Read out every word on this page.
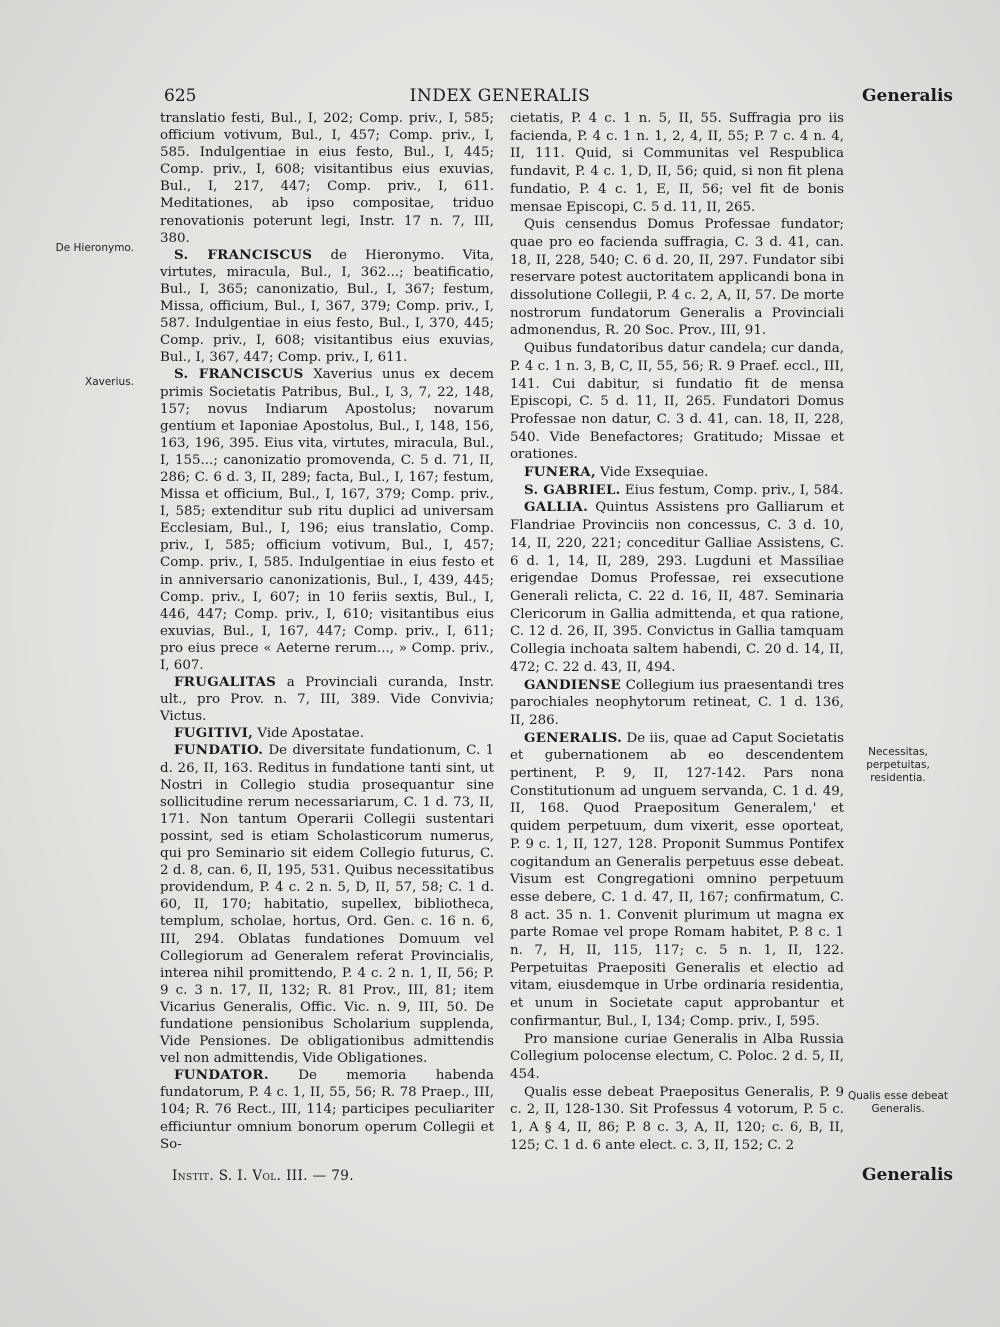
625	INDEX GENERALIS	Generalis
De Hieronymo.
Xaverius.
Necessitas, perpetuitas, residentia.
Qualis esse debeat Generalis.

translatio festi, Bul., I, 202; Comp. priv., I, 585; officium votivum, Bul., I, 457; Comp. priv., I, 585. Indulgentiae in eius festo, Bul., I, 445; Comp. priv., I, 608; visitantibus eius exuvias, Bul., I, 217, 447; Comp. priv., I, 611. Meditationes, ab ipso compositae, triduo renovationis poterunt legi, Instr. 17 n. 7, III, 380.

S. FRANCISCUS de Hieronymo. Vita, virtutes, miracula, Bul., I, 362...; beatificatio, Bul., I, 365; canonizatio, Bul., I, 367; festum, Missa, officium, Bul., I, 367, 379; Comp. priv., I, 587. Indulgentiae in eius festo, Bul., I, 370, 445; Comp. priv., I, 608; visitantibus eius exuvias, Bul., I, 367, 447; Comp. priv., I, 611.

S. FRANCISCUS Xaverius unus ex decem primis Societatis Patribus, Bul., I, 3, 7, 22, 148, 157; novus Indiarum Apostolus; novarum gentium et Iaponiae Apostolus, Bul., I, 148, 156, 163, 196, 395. Eius vita, virtutes, miracula, Bul., I, 155...; canonizatio promovenda, C. 5 d. 71, II, 286; C. 6 d. 3, II, 289; facta, Bul., I, 167; festum, Missa et officium, Bul., I, 167, 379; Comp. priv., I, 585; extenditur sub ritu duplici ad universam Ecclesiam, Bul., I, 196; eius translatio, Comp. priv., I, 585; officium votivum, Bul., I, 457; Comp. priv., I, 585. Indulgentiae in eius festo et in anniversario canonizationis, Bul., I, 439, 445; Comp. priv., I, 607; in 10 feriis sextis, Bul., I, 446, 447; Comp. priv., I, 610; visitantibus eius exuvias, Bul., I, 167, 447; Comp. priv., I, 611; pro eius prece « Aeterne rerum..., » Comp. priv., I, 607.

FRUGALITAS a Provinciali curanda, Instr. ult., pro Prov. n. 7, III, 389. Vide Convivia; Victus.

FUGITIVI, Vide Apostatae.

FUNDATIO. De diversitate fundationum, C. 1 d. 26, II, 163. Reditus in fundatione tanti sint, ut Nostri in Collegio studia prosequantur sine sollicitudine rerum necessariarum, C. 1 d. 73, II, 171. Non tantum Operarii Collegii sustentari possint, sed is etiam Scholasticorum numerus, qui pro Seminario sit eidem Collegio futurus, C. 2 d. 8, can. 6, II, 195, 531. Quibus necessitatibus providendum, P. 4 c. 2 n. 5, D, II, 57, 58; C. 1 d. 60, II, 170; habitatio, supellex, bibliotheca, templum, scholae, hortus, Ord. Gen. c. 16 n. 6, III, 294. Oblatas fundationes Domuum vel Collegiorum ad Generalem referat Provincialis, interea nihil promittendo, P. 4 c. 2 n. 1, II, 56; P. 9 c. 3 n. 17, II, 132; R. 81 Prov., III, 81; item Vicarius Generalis, Offic. Vic. n. 9, III, 50. De fundatione pensionibus Scholarium supplenda, Vide Pensiones. De obligationibus admittendis vel non admittendis, Vide Obligationes.

FUNDATOR. De memoria habenda fundatorum, P. 4 c. 1, II, 55, 56; R. 78 Praep., III, 104; R. 76 Rect., III, 114; participes peculiariter efficiuntur omnium bonorum operum Collegii et So-

cietatis, P. 4 c. 1 n. 5, II, 55. Suffragia pro iis facienda, P. 4 c. 1 n. 1, 2, 4, II, 55; P. 7 c. 4 n. 4, II, 111. Quid, si Communitas vel Respublica fundavit, P. 4 c. 1, D, II, 56; quid, si non fit plena fundatio, P. 4 c. 1, E, II, 56; vel fit de bonis mensae Episcopi, C. 5 d. 11, II, 265.

Quis censendus Domus Professae fundator; quae pro eo facienda suffragia, C. 3 d. 41, can. 18, II, 228, 540; C. 6 d. 20, II, 297. Fundator sibi reservare potest auctoritatem applicandi bona in dissolutione Collegii, P. 4 c. 2, A, II, 57. De morte nostrorum fundatorum Generalis a Provinciali admonendus, R. 20 Soc. Prov., III, 91.

Quibus fundatoribus datur candela; cur danda, P. 4 c. 1 n. 3, B, C, II, 55, 56; R. 9 Praef. eccl., III, 141. Cui dabitur, si fundatio fit de mensa Episcopi, C. 5 d. 11, II, 265. Fundatori Domus Professae non datur, C. 3 d. 41, can. 18, II, 228, 540. Vide Benefactores; Gratitudo; Missae et orationes.

FUNERA, Vide Exsequiae.

S. GABRIEL. Eius festum, Comp. priv., I, 584.

GALLIA. Quintus Assistens pro Galliarum et Flandriae Provinciis non concessus, C. 3 d. 10, 14, II, 220, 221; conceditur Galliae Assistens, C. 6 d. 1, 14, II, 289, 293. Lugduni et Massiliae erigendae Domus Professae, rei exsecutione Generali relicta, C. 22 d. 16, II, 487. Seminaria Clericorum in Gallia admittenda, et qua ratione, C. 12 d. 26, II, 395. Convictus in Gallia tamquam Collegia inchoata saltem habendi, C. 20 d. 14, II, 472; C. 22 d. 43, II, 494.

GANDIENSE Collegium ius praesentandi tres parochiales neophytorum retineat, C. 1 d. 136, II, 286.

GENERALIS. De iis, quae ad Caput Societatis et gubernationem ab eo descendentem pertinent, P. 9, II, 127-142. Pars nona Constitutionum ad unguem servanda, C. 1 d. 49, II, 168. Quod Praepositum Generalem,' et quidem perpetuum, dum vixerit, esse oporteat, P. 9 c. 1, II, 127, 128. Proponit Summus Pontifex cogitandum an Generalis perpetuus esse debeat. Visum est Congregationi omnino perpetuum esse debere, C. 1 d. 47, II, 167; confirmatum, C. 8 act. 35 n. 1. Convenit plurimum ut magna ex parte Romae vel prope Romam habitet, P. 8 c. 1 n. 7, H, II, 115, 117; c. 5 n. 1, II, 122. Perpetuitas Praepositi Generalis et electio ad vitam, eiusdemque in Urbe ordinaria residentia, et unum in Societate caput approbantur et confirmantur, Bul., I, 134; Comp. priv., I, 595.

Pro mansione curiae Generalis in Alba Russia Collegium polocense electum, C. Poloc. 2 d. 5, II, 454.

Qualis esse debeat Praepositus Generalis, P. 9 c. 2, II, 128-130. Sit Professus 4 votorum, P. 5 c. 1, A § 4, II, 86; P. 8 c. 3, A, II, 120; c. 6, B, II, 125; C. 1 d. 6 ante elect. c. 3, II, 152; C. 2

Instit. S. I. Vol. III. — 79.	Generalis
